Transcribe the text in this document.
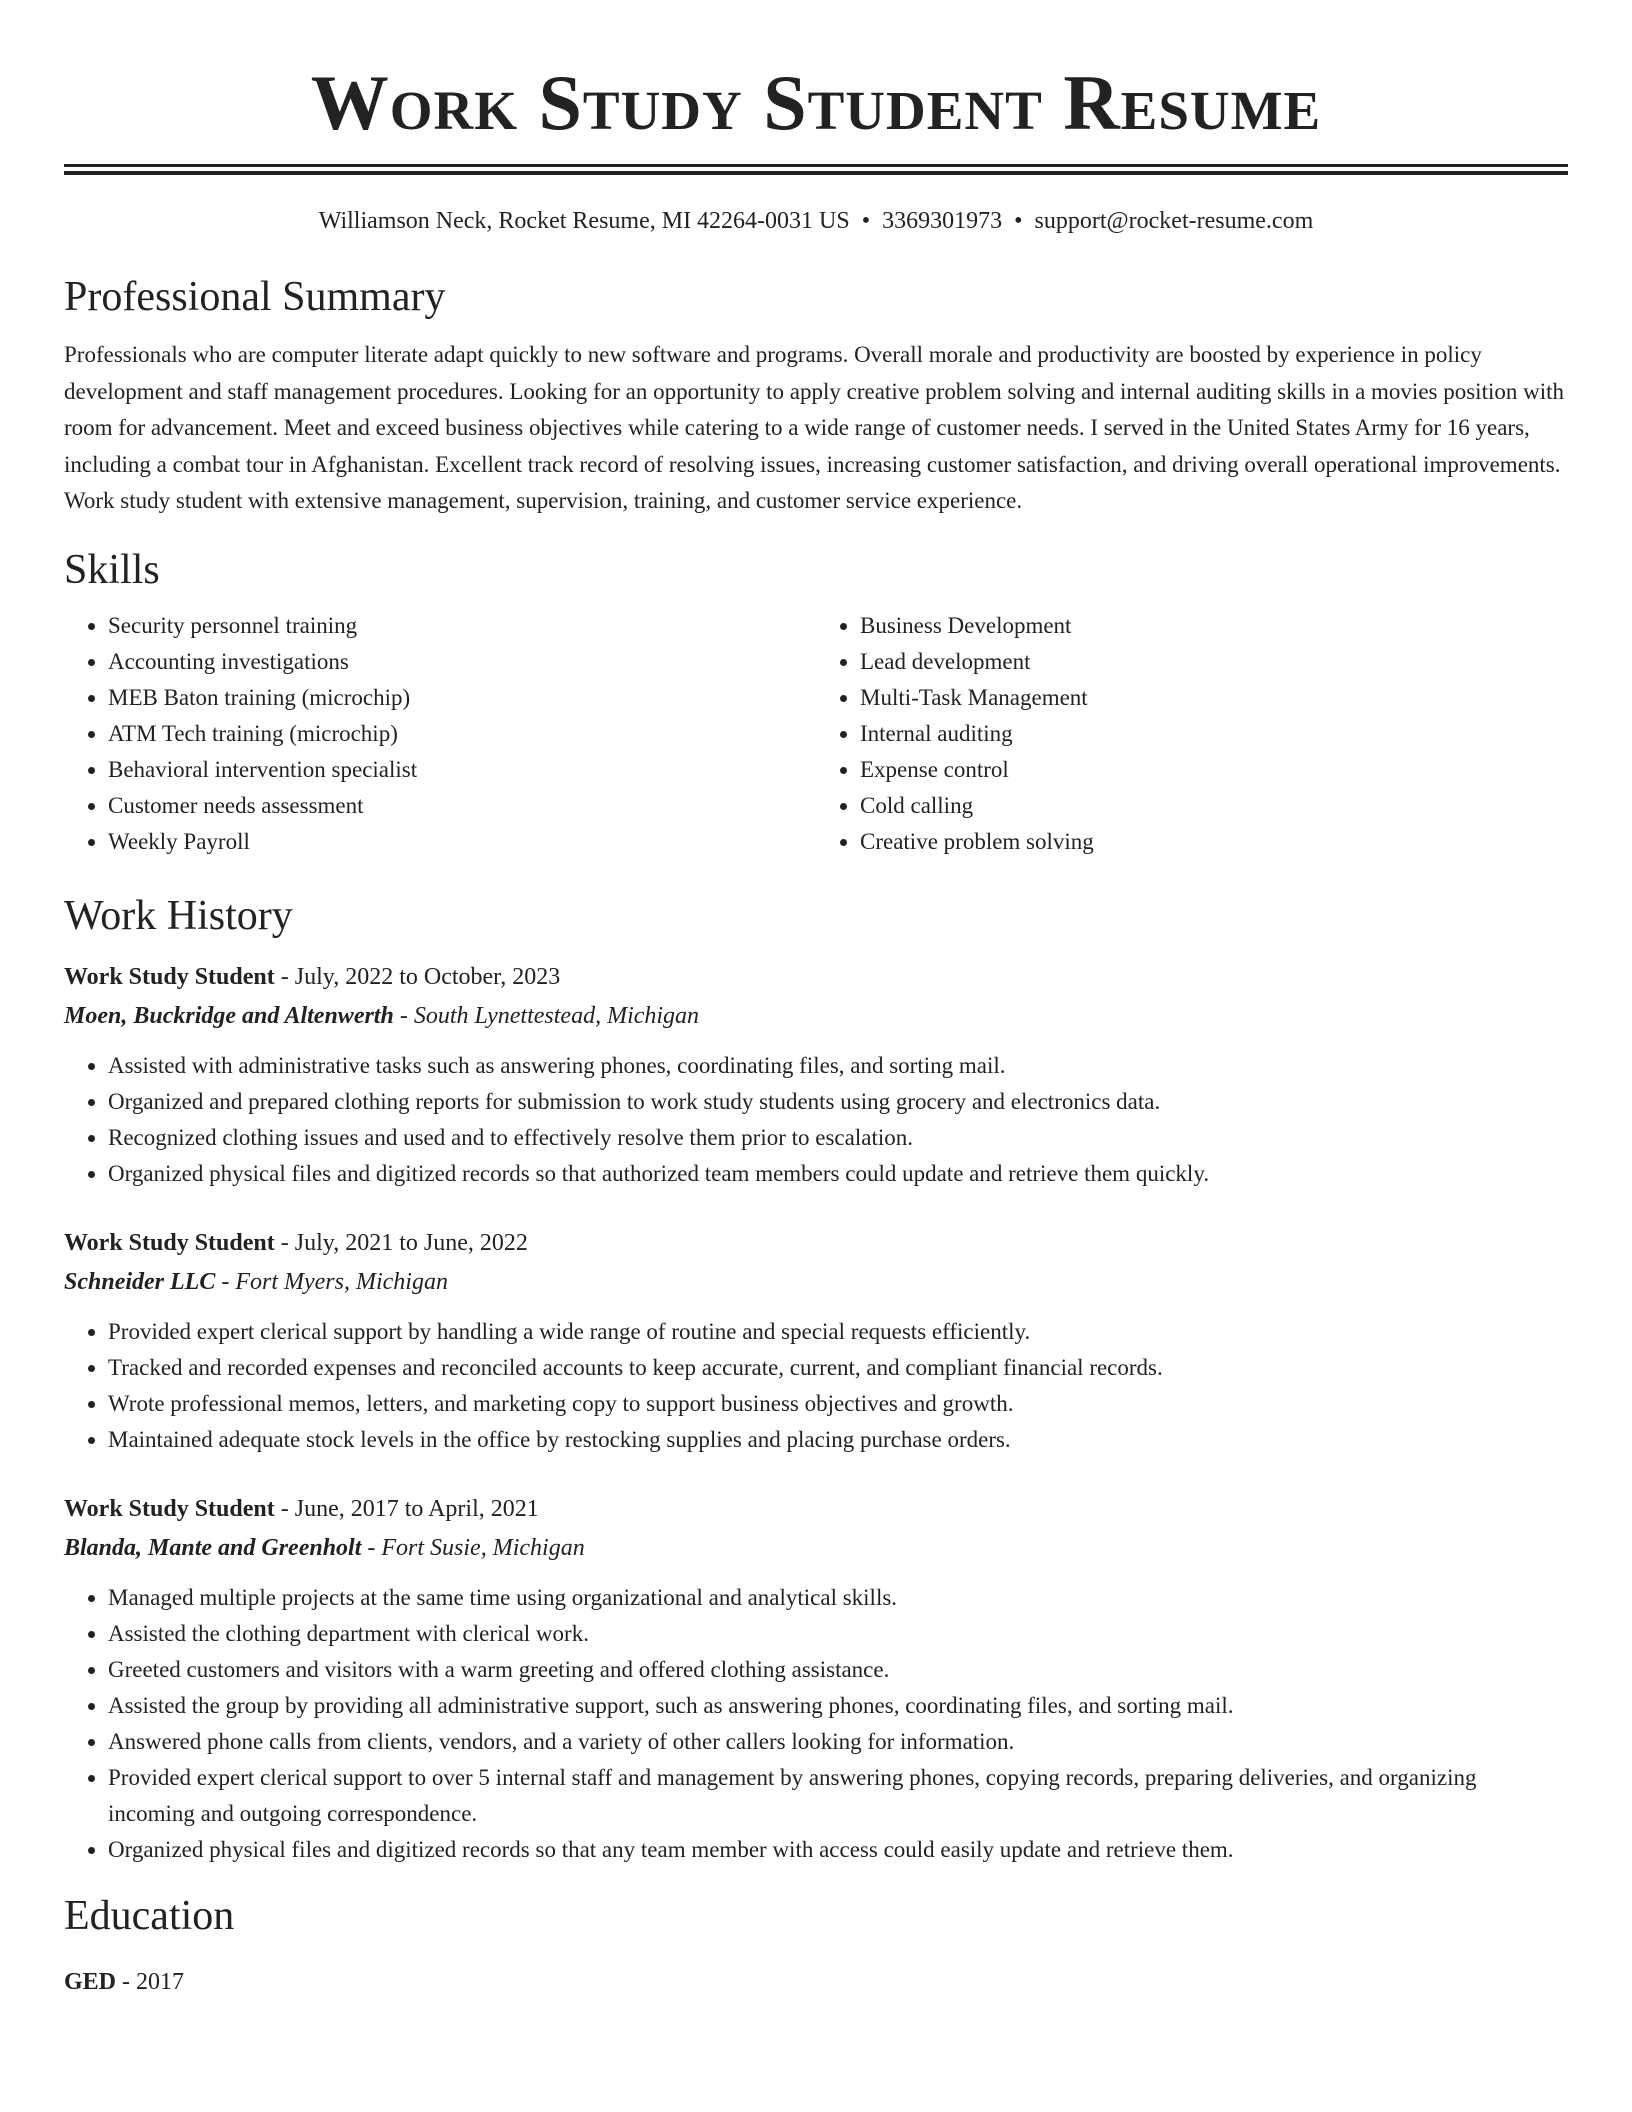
Work Study Student Resume
Williamson Neck, Rocket Resume, MI 42264-0031 US • 3369301973 • support@rocket-resume.com
Professional Summary

Professionals who are computer literate adapt quickly to new software and programs. Overall morale and productivity are boosted by experience in policy development and staff management procedures. Looking for an opportunity to apply creative problem solving and internal auditing skills in a movies position with room for advancement. Meet and exceed business objectives while catering to a wide range of customer needs. I served in the United States Army for 16 years, including a combat tour in Afghanistan. Excellent track record of resolving issues, increasing customer satisfaction, and driving overall operational improvements. Work study student with extensive management, supervision, training, and customer service experience.

Skills
• Security personnel training
• Accounting investigations
• MEB Baton training (microchip)
• ATM Tech training (microchip)
• Behavioral intervention specialist
• Customer needs assessment
• Weekly Payroll
• Business Development
• Lead development
• Multi-Task Management
• Internal auditing
• Expense control
• Cold calling
• Creative problem solving
Work History
Work Study Student - July, 2022 to October, 2023
Moen, Buckridge and Altenwerth - South Lynettestead, Michigan
• Assisted with administrative tasks such as answering phones, coordinating files, and sorting mail.
• Organized and prepared clothing reports for submission to work study students using grocery and electronics data.
• Recognized clothing issues and used and to effectively resolve them prior to escalation.
• Organized physical files and digitized records so that authorized team members could update and retrieve them quickly.
Work Study Student - July, 2021 to June, 2022
Schneider LLC - Fort Myers, Michigan
• Provided expert clerical support by handling a wide range of routine and special requests efficiently.
• Tracked and recorded expenses and reconciled accounts to keep accurate, current, and compliant financial records.
• Wrote professional memos, letters, and marketing copy to support business objectives and growth.
• Maintained adequate stock levels in the office by restocking supplies and placing purchase orders.
Work Study Student - June, 2017 to April, 2021
Blanda, Mante and Greenholt - Fort Susie, Michigan
• Managed multiple projects at the same time using organizational and analytical skills.
• Assisted the clothing department with clerical work.
• Greeted customers and visitors with a warm greeting and offered clothing assistance.
• Assisted the group by providing all administrative support, such as answering phones, coordinating files, and sorting mail.
• Answered phone calls from clients, vendors, and a variety of other callers looking for information.
• Provided expert clerical support to over 5 internal staff and management by answering phones, copying records, preparing deliveries, and organizing incoming and outgoing correspondence.
• Organized physical files and digitized records so that any team member with access could easily update and retrieve them.
Education
GED - 2017
